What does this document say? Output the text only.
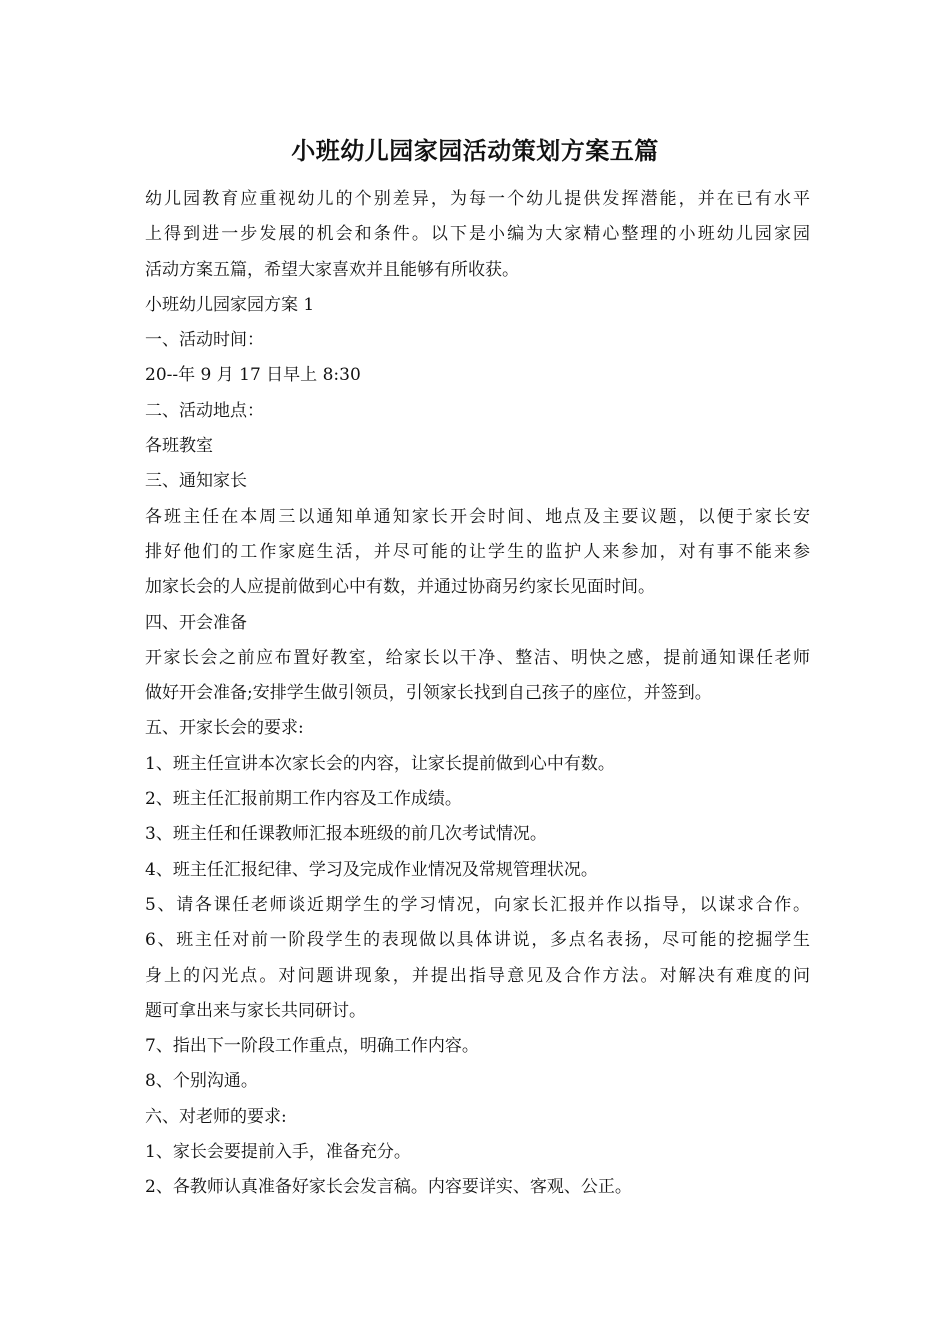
小班幼儿园家园活动策划方案五篇
幼儿园教育应重视幼儿的个别差异，为每一个幼儿提供发挥潜能，并在已有水平
上得到进一步发展的机会和条件。以下是小编为大家精心整理的小班幼儿园家园
活动方案五篇，希望大家喜欢并且能够有所收获。
小班幼儿园家园方案 1
一、活动时间：
20--年 9 月 17 日早上 8:30
二、活动地点：
各班教室
三、通知家长
各班主任在本周三以通知单通知家长开会时间、地点及主要议题，以便于家长安
排好他们的工作家庭生活，并尽可能的让学生的监护人来参加，对有事不能来参
加家长会的人应提前做到心中有数，并通过协商另约家长见面时间。
四、开会准备
开家长会之前应布置好教室，给家长以干净、整洁、明快之感，提前通知课任老师
做好开会准备;安排学生做引领员，引领家长找到自己孩子的座位，并签到。
五、开家长会的要求:
1、班主任宣讲本次家长会的内容，让家长提前做到心中有数。
2、班主任汇报前期工作内容及工作成绩。
3、班主任和任课教师汇报本班级的前几次考试情况。
4、班主任汇报纪律、学习及完成作业情况及常规管理状况。
5、请各课任老师谈近期学生的学习情况，向家长汇报并作以指导，以谋求合作。
6、班主任对前一阶段学生的表现做以具体讲说，多点名表扬，尽可能的挖掘学生
身上的闪光点。对问题讲现象，并提出指导意见及合作方法。对解决有难度的问
题可拿出来与家长共同研讨。
7、指出下一阶段工作重点，明确工作内容。
8、个别沟通。
六、对老师的要求:
1、家长会要提前入手，准备充分。
2、各教师认真准备好家长会发言稿。内容要详实、客观、公正。
